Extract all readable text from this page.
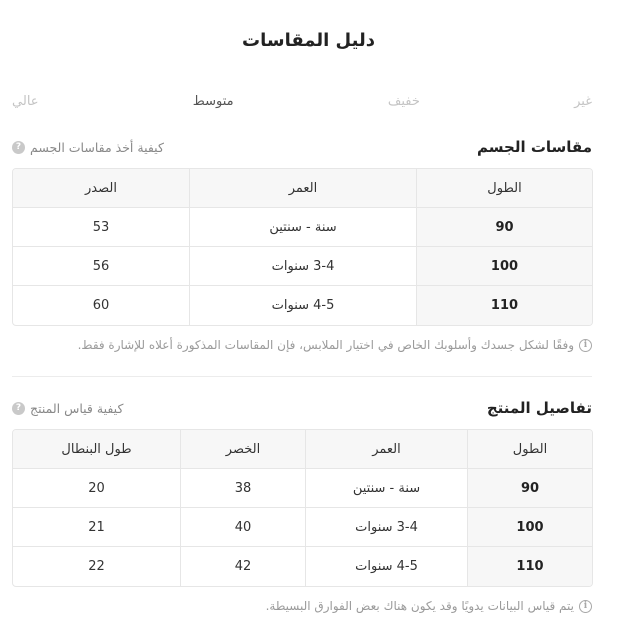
دليل المقاسات
غير
خفيف
متوسط
عالي
مقاسات الجسم
كيفية أخذ مقاسات الجسم
?
الطول	العمر	الصدر
90	سنة - سنتين	53
100	3-4 سنوات	56
110	4-5 سنوات	60
i
وفقًا لشكل جسدك وأسلوبك الخاص في اختيار الملابس، فإن المقاسات المذكورة أعلاه للإشارة فقط.
تفاصيل المنتج
كيفية قياس المنتج
?
الطول	العمر	الخصر	طول البنطال
90	سنة - سنتين	38	20
100	3-4 سنوات	40	21
110	4-5 سنوات	42	22
i
يتم قياس البيانات يدويًا وقد يكون هناك بعض الفوارق البسيطة.
